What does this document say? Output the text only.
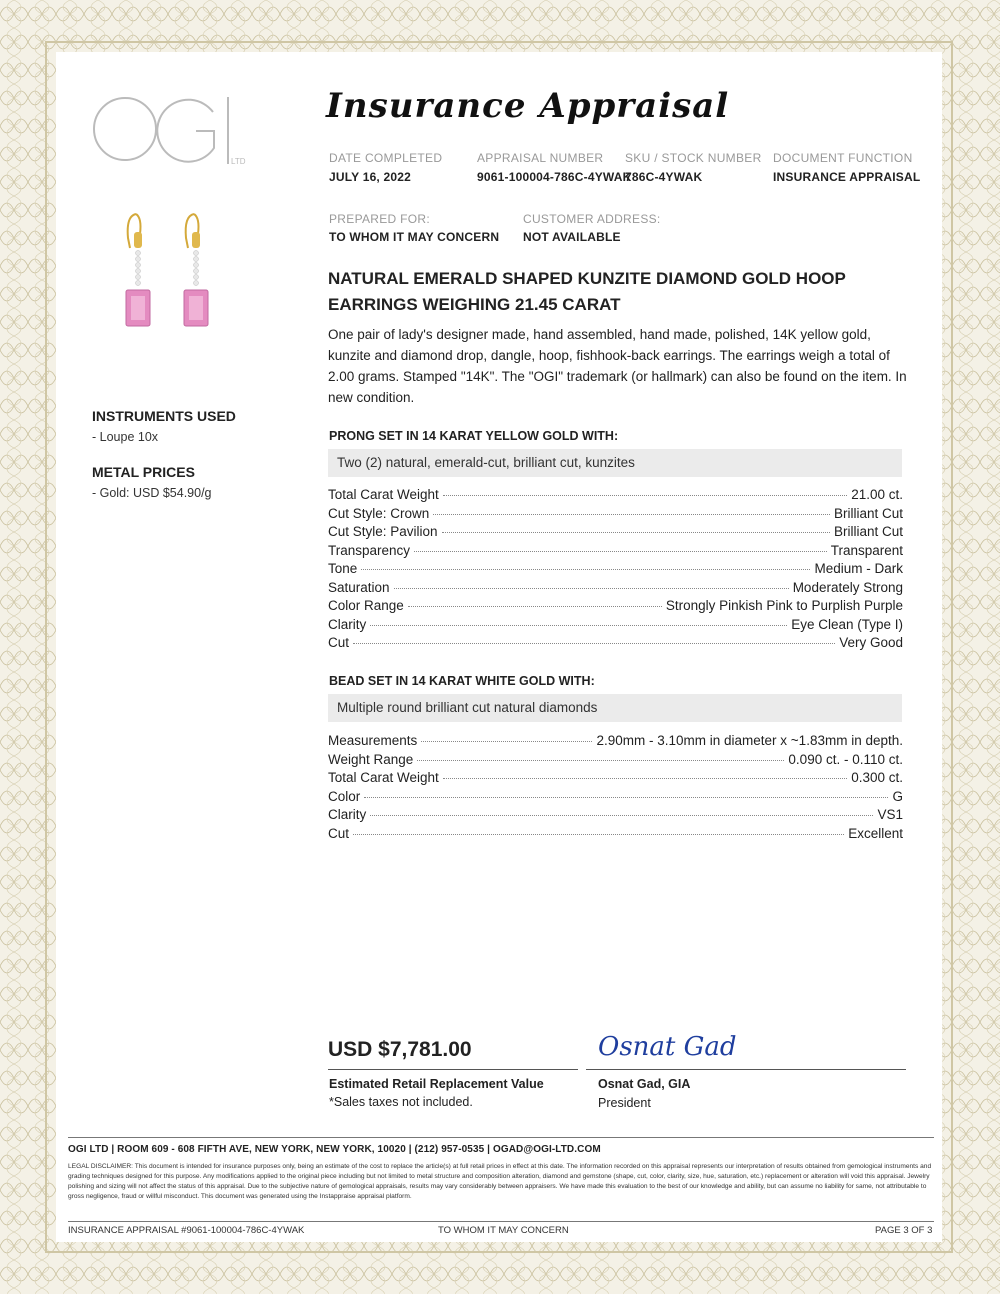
LTD
Insurance Appraisal
DATE COMPLETED
JULY 16, 2022
APPRAISAL NUMBER
9061-100004-786C-4YWAK
SKU / STOCK NUMBER
786C-4YWAK
DOCUMENT FUNCTION
INSURANCE APPRAISAL
PREPARED FOR:
TO WHOM IT MAY CONCERN
CUSTOMER ADDRESS:
NOT AVAILABLE
INSTRUMENTS USED
- Loupe 10x
METAL PRICES
- Gold: USD $54.90/g
NATURAL EMERALD SHAPED KUNZITE DIAMOND GOLD HOOP EARRINGS WEIGHING 21.45 CARAT
One pair of lady's designer made, hand assembled, hand made, polished, 14K yellow gold, kunzite and diamond drop, dangle, hoop, fishhook-back earrings. The earrings weigh a total of 2.00 grams. Stamped "14K". The "OGI" trademark (or hallmark) can also be found on the item. In new condition.
PRONG SET IN 14 KARAT YELLOW GOLD WITH:
Two (2) natural, emerald-cut, brilliant cut, kunzites
Total Carat Weight	21.00 ct.
Cut Style: Crown	Brilliant Cut
Cut Style: Pavilion	Brilliant Cut
Transparency	Transparent
Tone	Medium - Dark
Saturation	Moderately Strong
Color Range	Strongly Pinkish Pink to Purplish Purple
Clarity	Eye Clean (Type I)
Cut	Very Good
BEAD SET IN 14 KARAT WHITE GOLD WITH:
Multiple round brilliant cut natural diamonds
Measurements	2.90mm - 3.10mm in diameter x ~1.83mm in depth.
Weight Range	0.090 ct. - 0.110 ct.
Total Carat Weight	0.300 ct.
Color	G
Clarity	VS1
Cut	Excellent
USD $7,781.00
Estimated Retail Replacement Value
*Sales taxes not included.
Osnat Gad
Osnat Gad, GIA
President
OGI LTD | ROOM 609 - 608 FIFTH AVE, NEW YORK, NEW YORK, 10020 | (212) 957-0535 | OGAD@OGI-LTD.COM
LEGAL DISCLAIMER: This document is intended for insurance purposes only, being an estimate of the cost to replace the article(s) at full retail prices in effect at this date. The information recorded on this appraisal represents our interpretation of results obtained from gemological instruments and grading techniques designed for this purpose. Any modifications applied to the original piece including but not limited to metal structure and composition alteration, diamond and gemstone (shape, cut, color, clarity, size, hue, saturation, etc.) replacement or alteration will void this appraisal. Jewelry polishing and sizing will not affect the status of this appraisal. Due to the subjective nature of gemological appraisals, results may vary considerably between appraisers. We have made this evaluation to the best of our knowledge and ability, but can assume no liability for same, not attributable to gross negligence, fraud or willful misconduct. This document was generated using the Instappraise appraisal platform.
INSURANCE APPRAISAL #9061-100004-786C-4YWAK	TO WHOM IT MAY CONCERN	PAGE 3 OF 3
